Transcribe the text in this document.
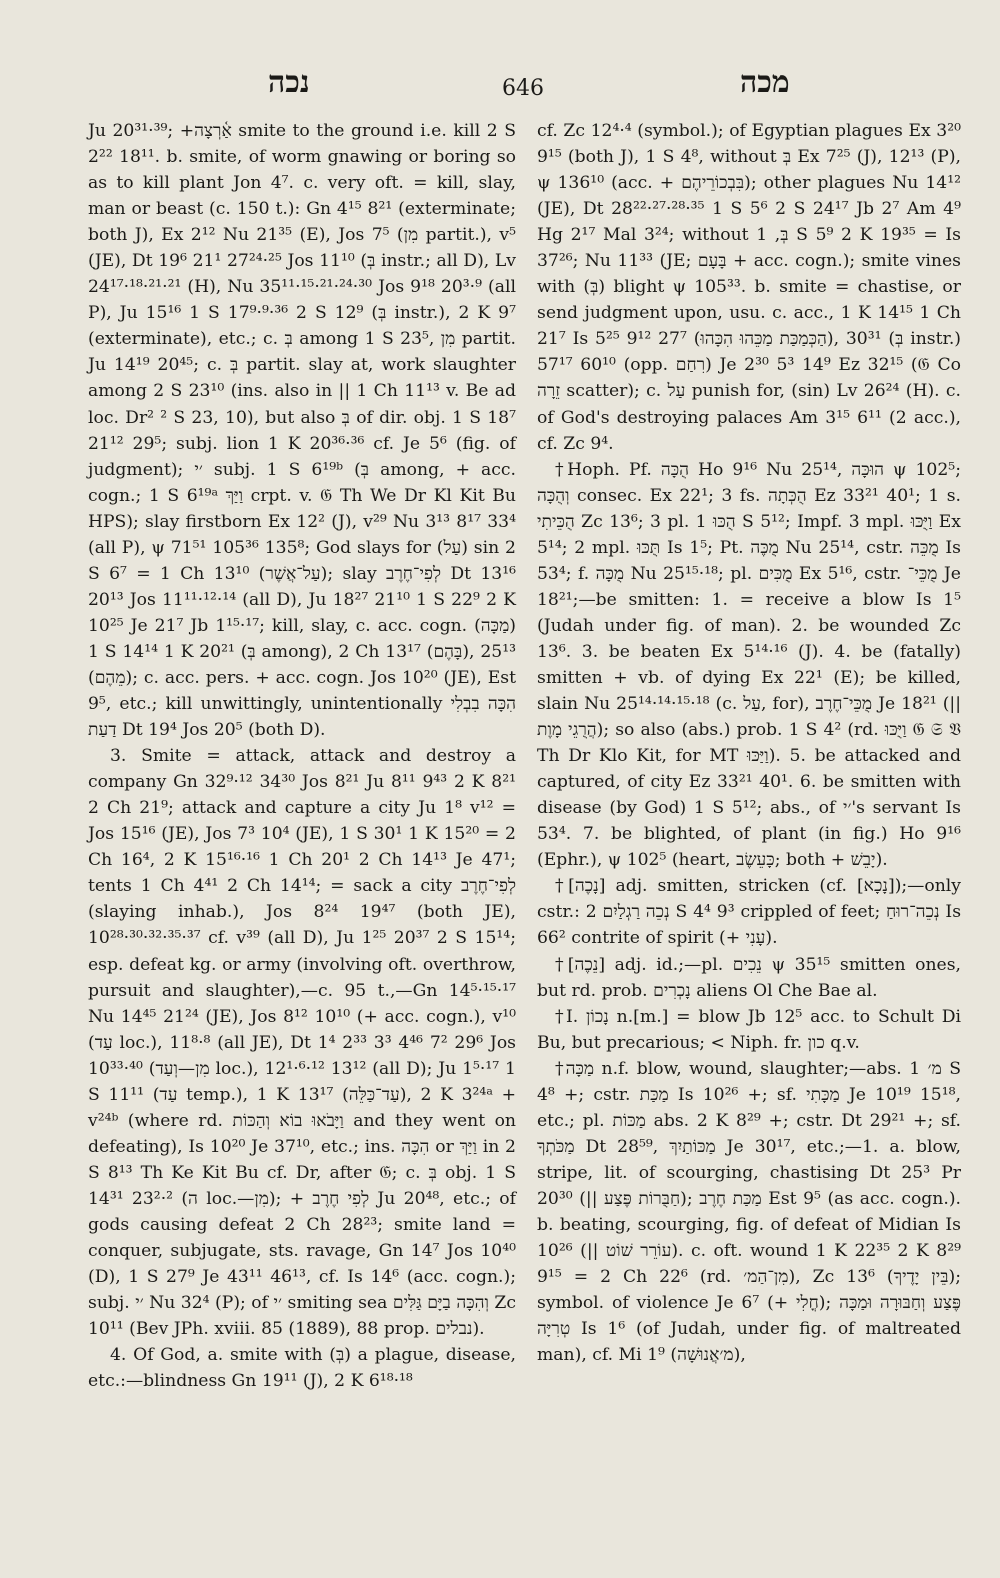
נכה	646	מכה

Ju 20³¹·³⁹; +אַ֫רְצָה smite to the ground i.e. kill 2 S 2²² 18¹¹. b. smite, of worm gnawing or boring so as to kill plant Jon 4⁷. c. very oft. = kill, slay, man or beast (c. 150 t.): Gn 4¹⁵ 8²¹ (exterminate; both J), Ex 2¹² Nu 21³⁵ (E), Jos 7⁵ (מִן partit.), v⁵ (JE), Dt 19⁶ 21¹ 27²⁴·²⁵ Jos 11¹⁰ (בְּ instr.; all D), Lv 24¹⁷·¹⁸·²¹·²¹ (H), Nu 35¹¹·¹⁵·²¹·²⁴·³⁰ Jos 9¹⁸ 20³·⁹ (all P), Ju 15¹⁶ 1 S 17⁹·⁹·³⁶ 2 S 12⁹ (בְּ instr.), 2 K 9⁷ (exterminate), etc.; c. בְּ among 1 S 23⁵, מִן partit. Ju 14¹⁹ 20⁴⁵; c. בְּ partit. slay at, work slaughter among 2 S 23¹⁰ (ins. also in || 1 Ch 11¹³ v. Be ad loc. Dr² ² S 23, 10), but also בְּ of dir. obj. 1 S 18⁷ 21¹² 29⁵; subj. lion 1 K 20³⁶·³⁶ cf. Je 5⁶ (fig. of judgment); ׳י subj. 1 S 6¹⁹ᵇ (בְּ among, + acc. cogn.; 1 S 6¹⁹ᵃ וַיַּךְ crpt. v. 𝔊 Th We Dr Kl Kit Bu HPS); slay firstborn Ex 12² (J), v²⁹ Nu 3¹³ 8¹⁷ 33⁴ (all P), ψ 71⁵¹ 105³⁶ 135⁸; God slays for (עַל) sin 2 S 6⁷ = 1 Ch 13¹⁰ (עַל־אֲשֶׁר); slay לְפִי־חֶרֶב Dt 13¹⁶ 20¹³ Jos 11¹¹·¹²·¹⁴ (all D), Ju 18²⁷ 21¹⁰ 1 S 22⁹ 2 K 10²⁵ Je 21⁷ Jb 1¹⁵·¹⁷; kill, slay, c. acc. cogn. (מַכָּה) 1 S 14¹⁴ 1 K 20²¹ (בְּ among), 2 Ch 13¹⁷ (בָּהֶם), 25¹³ (מֵהֶם); c. acc. pers. + acc. cogn. Jos 10²⁰ (JE), Est 9⁵, etc.; kill unwittingly, unintentionally הִכָּה בִבְלִי דַעַת Dt 19⁴ Jos 20⁵ (both D).

3. Smite = attack, attack and destroy a company Gn 32⁹·¹² 34³⁰ Jos 8²¹ Ju 8¹¹ 9⁴³ 2 K 8²¹ 2 Ch 21⁹; attack and capture a city Ju 1⁸ v¹² = Jos 15¹⁶ (JE), Jos 7³ 10⁴ (JE), 1 S 30¹ 1 K 15²⁰ = 2 Ch 16⁴, 2 K 15¹⁶·¹⁶ 1 Ch 20¹ 2 Ch 14¹³ Je 47¹; tents 1 Ch 4⁴¹ 2 Ch 14¹⁴; = sack a city לְפִי־חֶרֶב (slaying inhab.), Jos 8²⁴ 19⁴⁷ (both JE), 10²⁸·³⁰·³²·³⁵·³⁷ cf. v³⁹ (all D), Ju 1²⁵ 20³⁷ 2 S 15¹⁴; esp. defeat kg. or army (involving oft. overthrow, pursuit and slaughter),—c. 95 t.,—Gn 14⁵·¹⁵·¹⁷ Nu 14⁴⁵ 21²⁴ (JE), Jos 8¹² 10¹⁰ (+ acc. cogn.), v¹⁰ (עַד loc.), 11⁸·⁸ (all JE), Dt 1⁴ 2³³ 3³ 4⁴⁶ 7² 29⁶ Jos 10³³·⁴⁰ (מִן—וְעַד loc.), 12¹·⁶·¹² 13¹² (all D); Ju 1⁵·¹⁷ 1 S 11¹¹ (עַד temp.), 1 K 13¹⁷ (עַד־כַּלֵּה), 2 K 3²⁴ᵃ + v²⁴ᵇ (where rd. וַיָּבֹאוּ בוֹא וְהַכּוֹת and they went on defeating), Is 10²⁰ Je 37¹⁰, etc.; ins. הִכָּה or וַיַּךְ in 2 S 8¹³ Th Ke Kit Bu cf. Dr, after 𝔊; c. בְּ obj. 1 S 14³¹ 23²·² (ה loc.—מִן); + לְפִי חֶרֶב Ju 20⁴⁸, etc.; of gods causing defeat 2 Ch 28²³; smite land = conquer, subjugate, sts. ravage, Gn 14⁷ Jos 10⁴⁰ (D), 1 S 27⁹ Je 43¹¹ 46¹³, cf. Is 14⁶ (acc. cogn.); subj. ׳י Nu 32⁴ (P); of ׳י smiting sea וְהִכָּה בַיָּם גַּלִּים Zc 10¹¹ (Bev JPh. xviii. 85 (1889), 88 prop. נבלים).

4. Of God, a. smite with (בְּ) a plague, disease, etc.:—blindness Gn 19¹¹ (J), 2 K 6¹⁸·¹⁸

cf. Zc 12⁴·⁴ (symbol.); of Egyptian plagues Ex 3²⁰ 9¹⁵ (both J), 1 S 4⁸, without בְּ Ex 7²⁵ (J), 12¹³ (P), ψ 136¹⁰ (acc. + בִּבְכוֹרֵיהֶם); other plagues Nu 14¹² (JE), Dt 28²²·²⁷·²⁸·³⁵ 1 S 5⁶ 2 S 24¹⁷ Jb 2⁷ Am 4⁹ Hg 2¹⁷ Mal 3²⁴; without בְּ, 1 S 5⁹ 2 K 19³⁵ = Is 37²⁶; Nu 11³³ (JE; בָּעָם + acc. cogn.); smite vines with (בְּ) blight ψ 105³³. b. smite = chastise, or send judgment upon, usu. c. acc., 1 K 14¹⁵ 1 Ch 21⁷ Is 5²⁵ 9¹² 27⁷ (הַכְּמַכַּת מַכֵּהוּ הִכָּהוּ), 30³¹ (בְּ instr.) 57¹⁷ 60¹⁰ (opp. רִחַם) Je 2³⁰ 5³ 14⁹ Ez 32¹⁵ (𝔊 Co זֵרָה scatter); c. עַל punish for, (sin) Lv 26²⁴ (H). c. of God's destroying palaces Am 3¹⁵ 6¹¹ (2 acc.), cf. Zc 9⁴.

†Hoph. Pf. הֻכָּה Ho 9¹⁶ Nu 25¹⁴, הוּכָּה ψ 102⁵; וְהֻכָּה consec. Ex 22¹; 3 fs. הֻכְּתָה Ez 33²¹ 40¹; 1 s. הֻכֵּיתִי Zc 13⁶; 3 pl. הֻכּוּ 1 S 5¹²; Impf. 3 mpl. וַיֻּכּוּ Ex 5¹⁴; 2 mpl. תֻּכּוּ Is 1⁵; Pt. מֻכֶּה Nu 25¹⁴, cstr. מֻכֵּה Is 53⁴; f. מֻכָּה Nu 25¹⁵·¹⁸; pl. מֻכִּים Ex 5¹⁶, cstr. מֻכֵּי־ Je 18²¹;—be smitten: 1. = receive a blow Is 1⁵ (Judah under fig. of man). 2. be wounded Zc 13⁶. 3. be beaten Ex 5¹⁴·¹⁶ (J). 4. be (fatally) smitten + vb. of dying Ex 22¹ (E); be killed, slain Nu 25¹⁴·¹⁴·¹⁵·¹⁸ (c. עַל, for), מֻכֵּי־חֶרֶב Je 18²¹ (|| הֲרֻגֵי מָוֶת); so also (abs.) prob. 1 S 4² (rd. וַיֻּכּוּ 𝔊 𝔖 𝔙 Th Dr Klo Kit, for MT וַיַּכּוּ). 5. be attacked and captured, of city Ez 33²¹ 40¹. 6. be smitten with disease (by God) 1 S 5¹²; abs., of ׳י's servant Is 53⁴. 7. be blighted, of plant (in fig.) Ho 9¹⁶ (Ephr.), ψ 102⁵ (heart, כָּעֵשֶׂב; both + יָבֵשׁ).

†[נָכֶה] adj. smitten, stricken (cf. [נָכָא]);—only cstr.: נְכֵה רַגְלַיִם 2 S 4⁴ 9³ crippled of feet; נְכֵה־רוּחַ Is 66² contrite of spirit (+ עָנִי).

†[נֵכֶה] adj. id.;—pl. נֵכִים ψ 35¹⁵ smitten ones, but rd. prob. נָכְרִים aliens Ol Che Bae al.

†I. נָכוֹן n.[m.] = blow Jb 12⁵ acc. to Schult Di Bu, but precarious; < Niph. fr. כון q.v.

†מַכָּה n.f. blow, wound, slaughter;—abs. מ׳ 1 S 4⁸ +; cstr. מַכַּת Is 10²⁶ +; sf. מַכָּתִי Je 10¹⁹ 15¹⁸, etc.; pl. מַכּוֹת abs. 2 K 8²⁹ +; cstr. Dt 29²¹ +; sf. מַכֹּתְךָ Dt 28⁵⁹, מַכּוֹתַיִךְ Je 30¹⁷, etc.;—1. a. blow, stripe, lit. of scourging, chastising Dt 25³ Pr 20³⁰ (|| חַבֻּרוֹת פֶּצַע); מַכַּת חֶרֶב Est 9⁵ (as acc. cogn.). b. beating, scourging, fig. of defeat of Midian Is 10²⁶ (|| עוֹרֵר שׁוֹט). c. oft. wound 1 K 22³⁵ 2 K 8²⁹ 9¹⁵ = 2 Ch 22⁶ (rd. מִן־הַמ׳), Zc 13⁶ (בֵּין יָדֶיךָ); symbol. of violence Je 6⁷ (+ חֳלִי); פֶּצַע וְחַבּוּרָה וּמַכָּה טְרִיָּה Is 1⁶ (of Judah, under fig. of maltreated man), cf. Mi 1⁹ (מ׳אֲנוּשָׁה),
